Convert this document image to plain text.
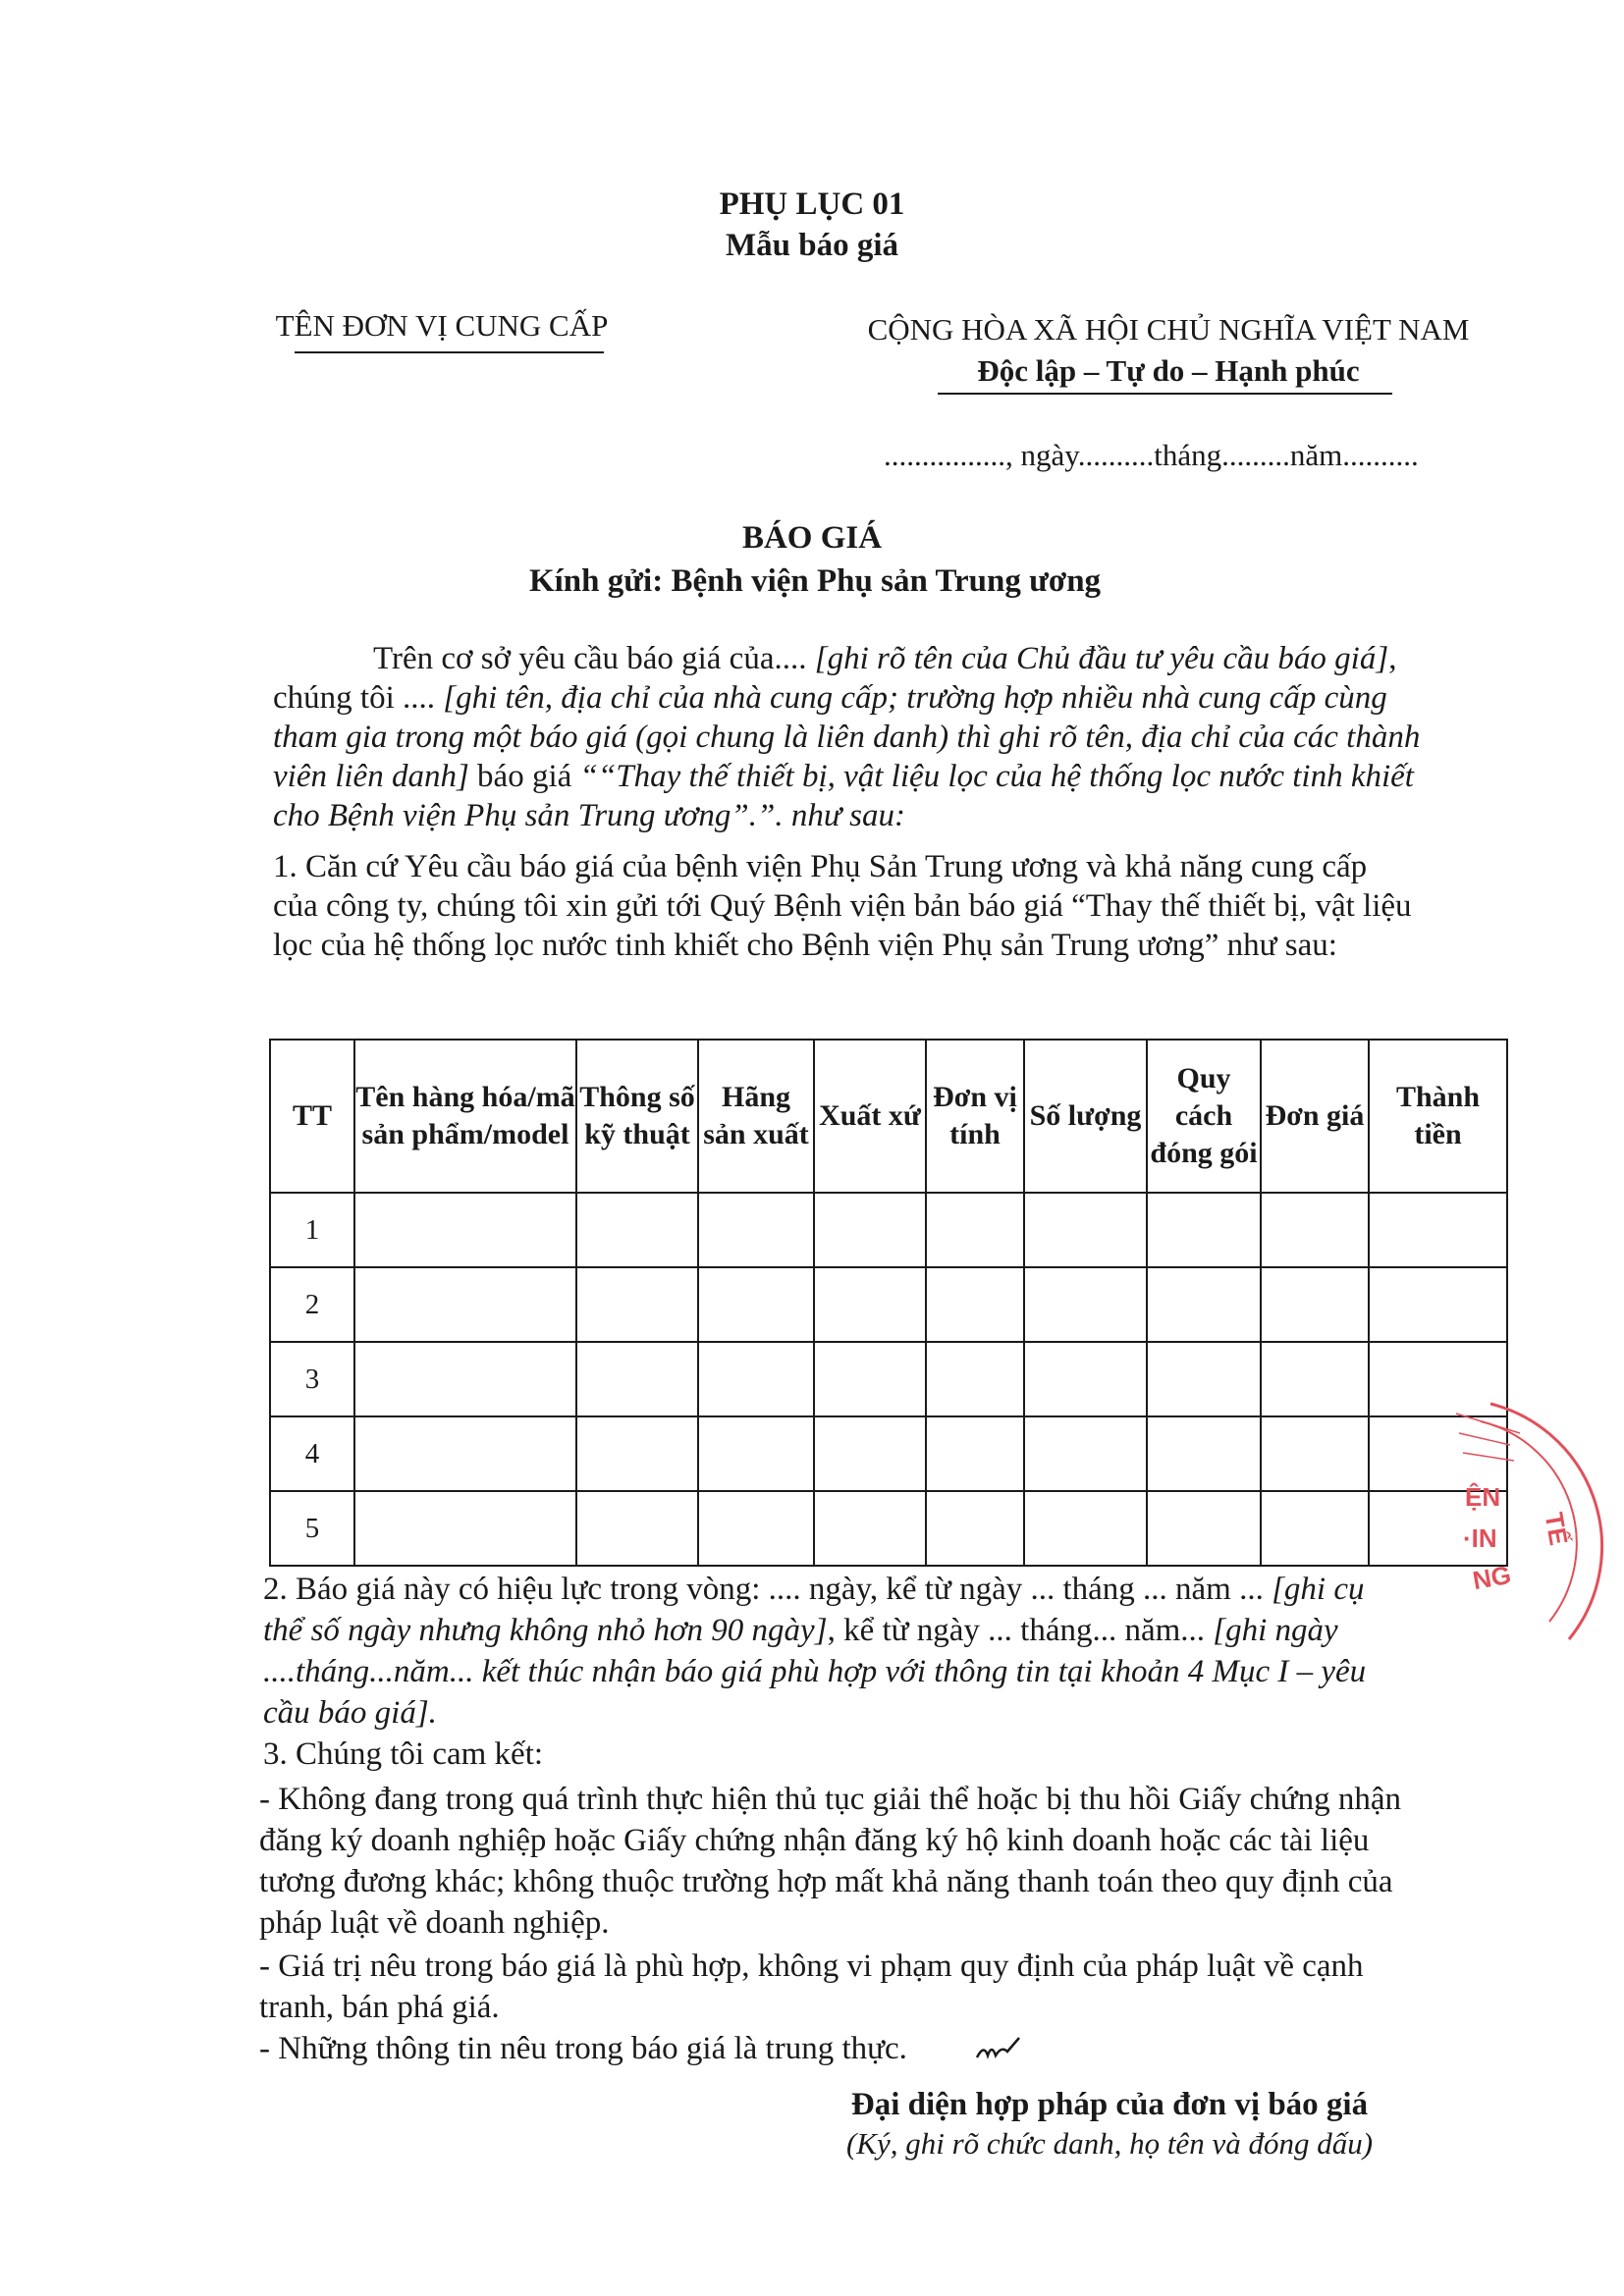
PHỤ LỤC 01
Mẫu báo giá
TÊN ĐƠN VỊ CUNG CẤP	CỘNG HÒA XÃ HỘI CHỦ NGHĨA VIỆT NAM
Độc lập – Tự do – Hạnh phúc
................, ngày..........tháng.........năm..........
BÁO GIÁ
Kính gửi: Bệnh viện Phụ sản Trung ương
Trên cơ sở yêu cầu báo giá của.... [ghi rõ tên của Chủ đầu tư yêu cầu báo giá],
chúng tôi .... [ghi tên, địa chỉ của nhà cung cấp; trường hợp nhiều nhà cung cấp cùng
tham gia trong một báo giá (gọi chung là liên danh) thì ghi rõ tên, địa chỉ của các thành
viên liên danh] báo giá ““Thay thế thiết bị, vật liệu lọc của hệ thống lọc nước tinh khiết
cho Bệnh viện Phụ sản Trung ương”.”. như sau:
1. Căn cứ Yêu cầu báo giá của bệnh viện Phụ Sản Trung ương và khả năng cung cấp
của công ty, chúng tôi xin gửi tới Quý Bệnh viện bản báo giá “Thay thế thiết bị, vật liệu
lọc của hệ thống lọc nước tinh khiết cho Bệnh viện Phụ sản Trung ương” như sau:
TT	Tên hàng hóa/mã sản phẩm/model	Thông số kỹ thuật	Hãng sản xuất	Xuất xứ	Đơn vị tính	Số lượng	Quy cách đóng gói	Đơn giá	Thành tiền
1									
2									
3									
4									
5									
ỆN
·IN TẾ
NG
2. Báo giá này có hiệu lực trong vòng: .... ngày, kể từ ngày ... tháng ... năm ... [ghi cụ
thể số ngày nhưng không nhỏ hơn 90 ngày], kể từ ngày ... tháng... năm... [ghi ngày
....tháng...năm... kết thúc nhận báo giá phù hợp với thông tin tại khoản 4 Mục I – yêu
cầu báo giá].
3. Chúng tôi cam kết:
- Không đang trong quá trình thực hiện thủ tục giải thể hoặc bị thu hồi Giấy chứng nhận
đăng ký doanh nghiệp hoặc Giấy chứng nhận đăng ký hộ kinh doanh hoặc các tài liệu
tương đương khác; không thuộc trường hợp mất khả năng thanh toán theo quy định của
pháp luật về doanh nghiệp.
- Giá trị nêu trong báo giá là phù hợp, không vi phạm quy định của pháp luật về cạnh
tranh, bán phá giá.
- Những thông tin nêu trong báo giá là trung thực.
Đại diện hợp pháp của đơn vị báo giá
(Ký, ghi rõ chức danh, họ tên và đóng dấu)
